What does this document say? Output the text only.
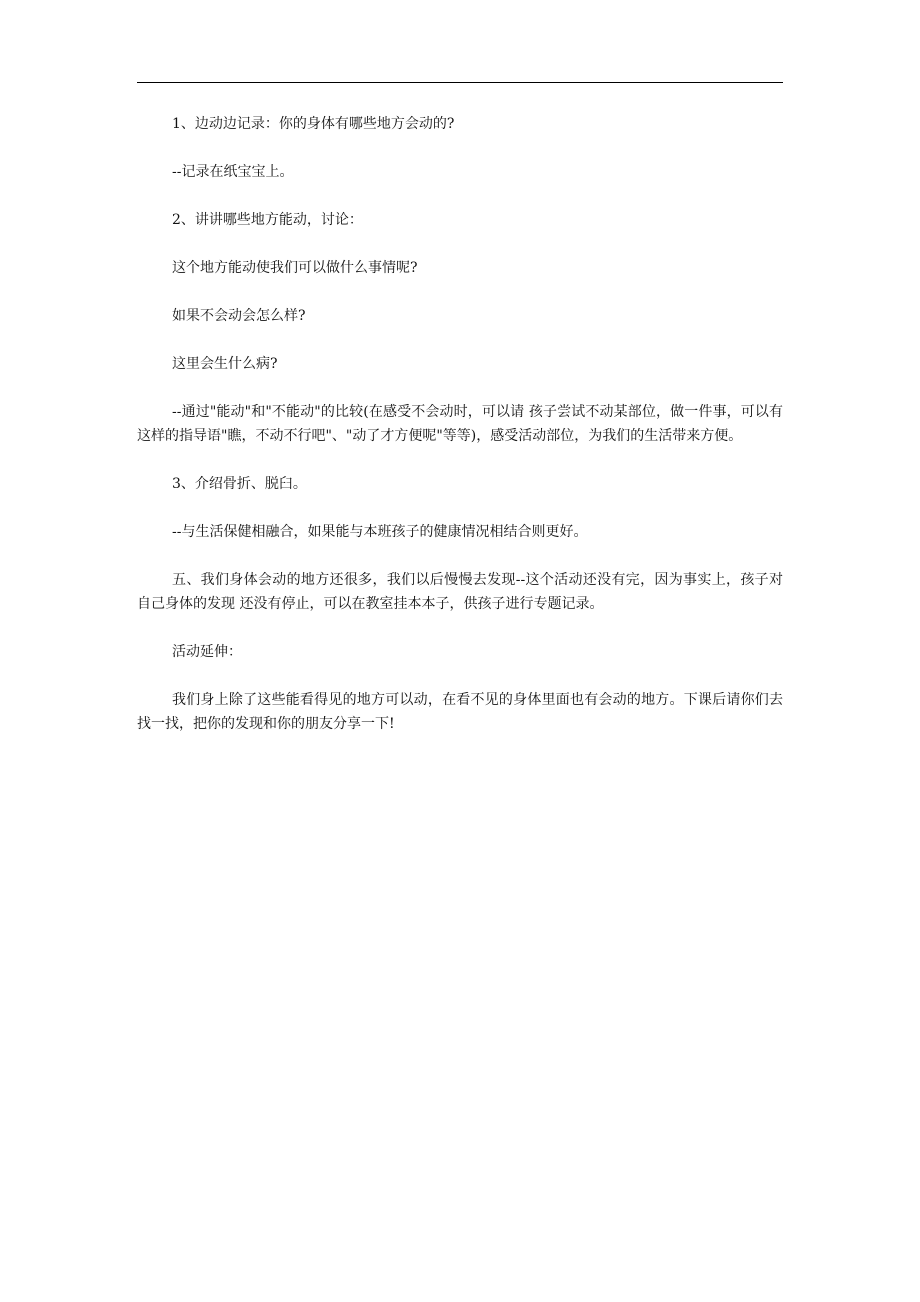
1、边动边记录：你的身体有哪些地方会动的?

--记录在纸宝宝上。

2、讲讲哪些地方能动，讨论：

这个地方能动使我们可以做什么事情呢?

如果不会动会怎么样?

这里会生什么病?

--通过"能动"和"不能动"的比较(在感受不会动时，可以请 孩子尝试不动某部位，做一件事，可以有这样的指导语"瞧，不动不行吧"、"动了才方便呢"等等)，感受活动部位，为我们的生活带来方便。

3、介绍骨折、脱臼。

--与生活保健相融合，如果能与本班孩子的健康情况相结合则更好。

五、我们身体会动的地方还很多，我们以后慢慢去发现--这个活动还没有完，因为事实上，孩子对自己身体的发现 还没有停止，可以在教室挂本本子，供孩子进行专题记录。

活动延伸：

我们身上除了这些能看得见的地方可以动，在看不见的身体里面也有会动的地方。下课后请你们去找一找，把你的发现和你的朋友分享一下!
